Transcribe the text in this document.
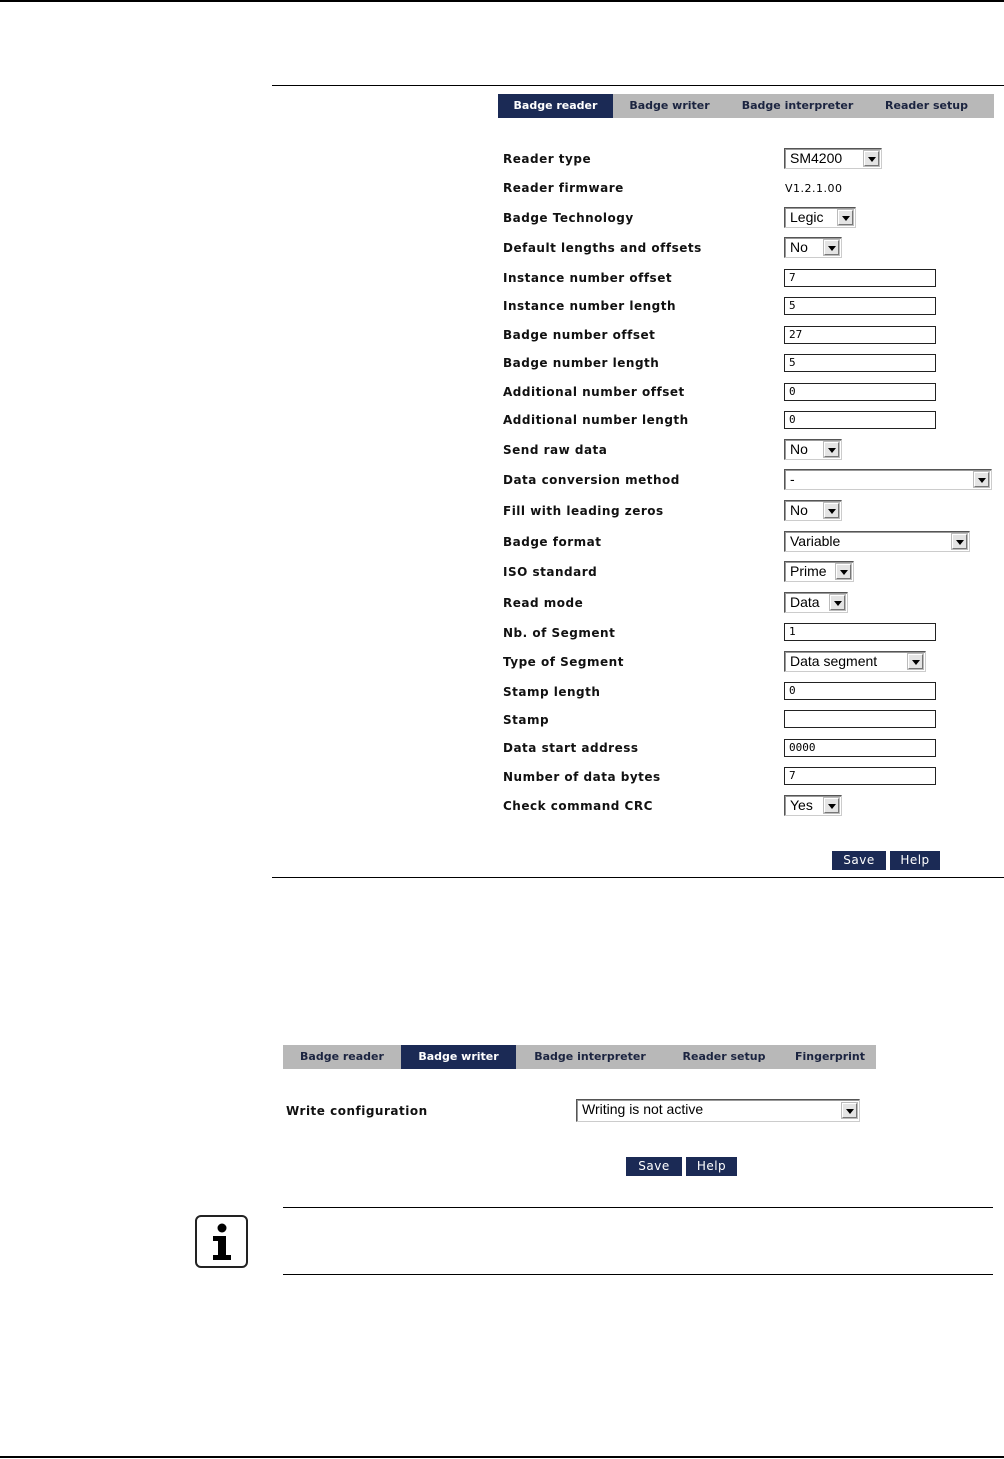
Badge reader	Badge writer	Badge interpreter	Reader setup
Reader type	SM4200
Reader firmware	V1.2.1.00
Badge Technology	Legic
Default lengths and offsets	No
Instance number offset	7
Instance number length	5
Badge number offset	27
Badge number length	5
Additional number offset	0
Additional number length	0
Send raw data	No
Data conversion method	-
Fill with leading zeros	No
Badge format	Variable
ISO standard	Prime
Read mode	Data
Nb. of Segment	1
Type of Segment	Data segment
Stamp length	0
Stamp
Data start address	0000
Number of data bytes	7
Check command CRC	Yes
Save	Help
Badge reader	Badge writer	Badge interpreter	Reader setup	Fingerprint
Write configuration	Writing is not active
Save	Help
